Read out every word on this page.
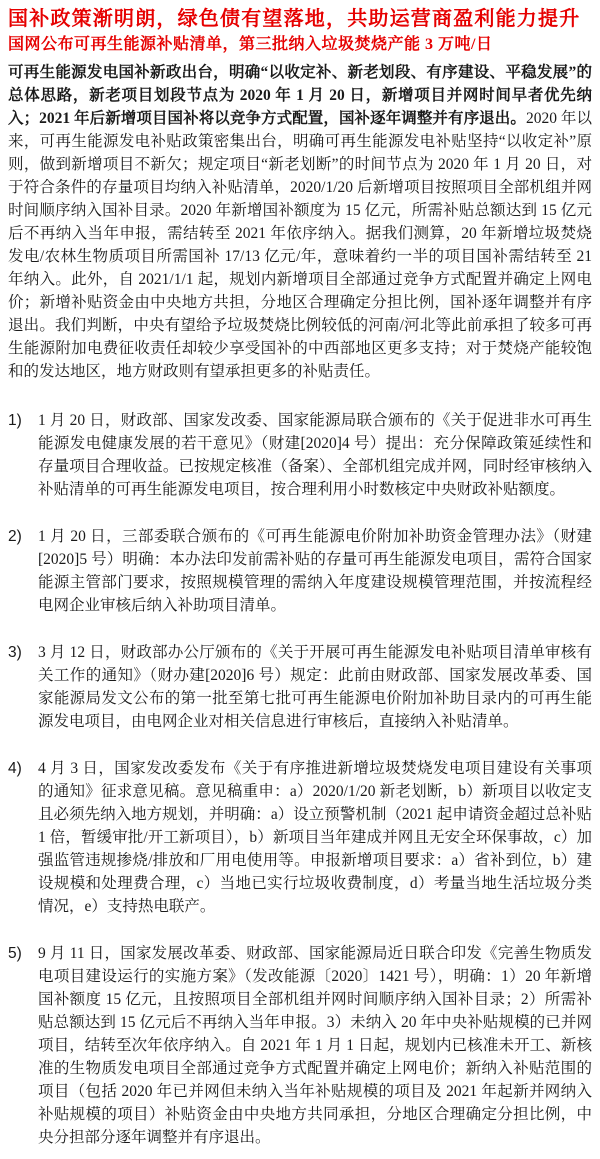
国补政策渐明朗，绿色债有望落地，共助运营商盈利能力提升
国网公布可再生能源补贴清单，第三批纳入垃圾焚烧产能 3 万吨/日

可再生能源发电国补新政出台，明确“以收定补、新老划段、有序建设、平稳发展”的总体思路，新老项目划段节点为 2020 年 1 月 20 日，新增项目并网时间早者优先纳入；2021 年后新增项目国补将以竞争方式配置，国补逐年调整并有序退出。2020 年以来，可再生能源发电补贴政策密集出台，明确可再生能源发电补贴坚持“以收定补”原则，做到新增项目不新欠；规定项目“新老划断”的时间节点为 2020 年 1 月 20 日，对于符合条件的存量项目均纳入补贴清单，2020/1/20 后新增项目按照项目全部机组并网时间顺序纳入国补目录。2020 年新增国补额度为 15 亿元，所需补贴总额达到 15 亿元后不再纳入当年申报，需结转至 2021 年依序纳入。据我们测算，20 年新增垃圾焚烧发电/农林生物质项目所需国补 17/13 亿元/年，意味着约一半的项目国补需结转至 21 年纳入。此外，自 2021/1/1 起，规划内新增项目全部通过竞争方式配置并确定上网电价；新增补贴资金由中央地方共担，分地区合理确定分担比例，国补逐年调整并有序退出。我们判断，中央有望给予垃圾焚烧比例较低的河南/河北等此前承担了较多可再生能源附加电费征收责任却较少享受国补的中西部地区更多支持；对于焚烧产能较饱和的发达地区，地方财政则有望承担更多的补贴责任。

1)	1 月 20 日，财政部、国家发改委、国家能源局联合颁布的《关于促进非水可再生能源发电健康发展的若干意见》（财建[2020]4 号）提出：充分保障政策延续性和存量项目合理收益。已按规定核准（备案）、全部机组完成并网，同时经审核纳入补贴清单的可再生能源发电项目，按合理利用小时数核定中央财政补贴额度。
2)	1 月 20 日，三部委联合颁布的《可再生能源电价附加补助资金管理办法》（财建[2020]5 号）明确：本办法印发前需补贴的存量可再生能源发电项目，需符合国家能源主管部门要求，按照规模管理的需纳入年度建设规模管理范围，并按流程经电网企业审核后纳入补助项目清单。
3)	3 月 12 日，财政部办公厅颁布的《关于开展可再生能源发电补贴项目清单审核有关工作的通知》（财办建[2020]6 号）规定：此前由财政部、国家发展改革委、国家能源局发文公布的第一批至第七批可再生能源电价附加补助目录内的可再生能源发电项目，由电网企业对相关信息进行审核后，直接纳入补贴清单。
4)	4 月 3 日，国家发改委发布《关于有序推进新增垃圾焚烧发电项目建设有关事项的通知》征求意见稿。意见稿重申：a）2020/1/20 新老划断，b）新项目以收定支且必须先纳入地方规划，并明确：a）设立预警机制（2021 起申请资金超过总补贴 1 倍，暂缓审批/开工新项目），b）新项目当年建成并网且无安全环保事故，c）加强监管违规掺烧/排放和厂用电使用等。申报新增项目要求：a）省补到位，b）建设规模和处理费合理，c）当地已实行垃圾收费制度，d）考量当地生活垃圾分类情况，e）支持热电联产。
5)	9 月 11 日，国家发展改革委、财政部、国家能源局近日联合印发《完善生物质发电项目建设运行的实施方案》（发改能源〔2020〕1421 号），明确：1）20 年新增国补额度 15 亿元，且按照项目全部机组并网时间顺序纳入国补目录；2）所需补贴总额达到 15 亿元后不再纳入当年申报。3）未纳入 20 年中央补贴规模的已并网项目，结转至次年依序纳入。自 2021 年 1 月 1 日起，规划内已核准未开工、新核准的生物质发电项目全部通过竞争方式配置并确定上网电价；新纳入补贴范围的项目（包括 2020 年已并网但未纳入当年补贴规模的项目及 2021 年起新并网纳入补贴规模的项目）补贴资金由中央地方共同承担，分地区合理确定分担比例，中央分担部分逐年调整并有序退出。
